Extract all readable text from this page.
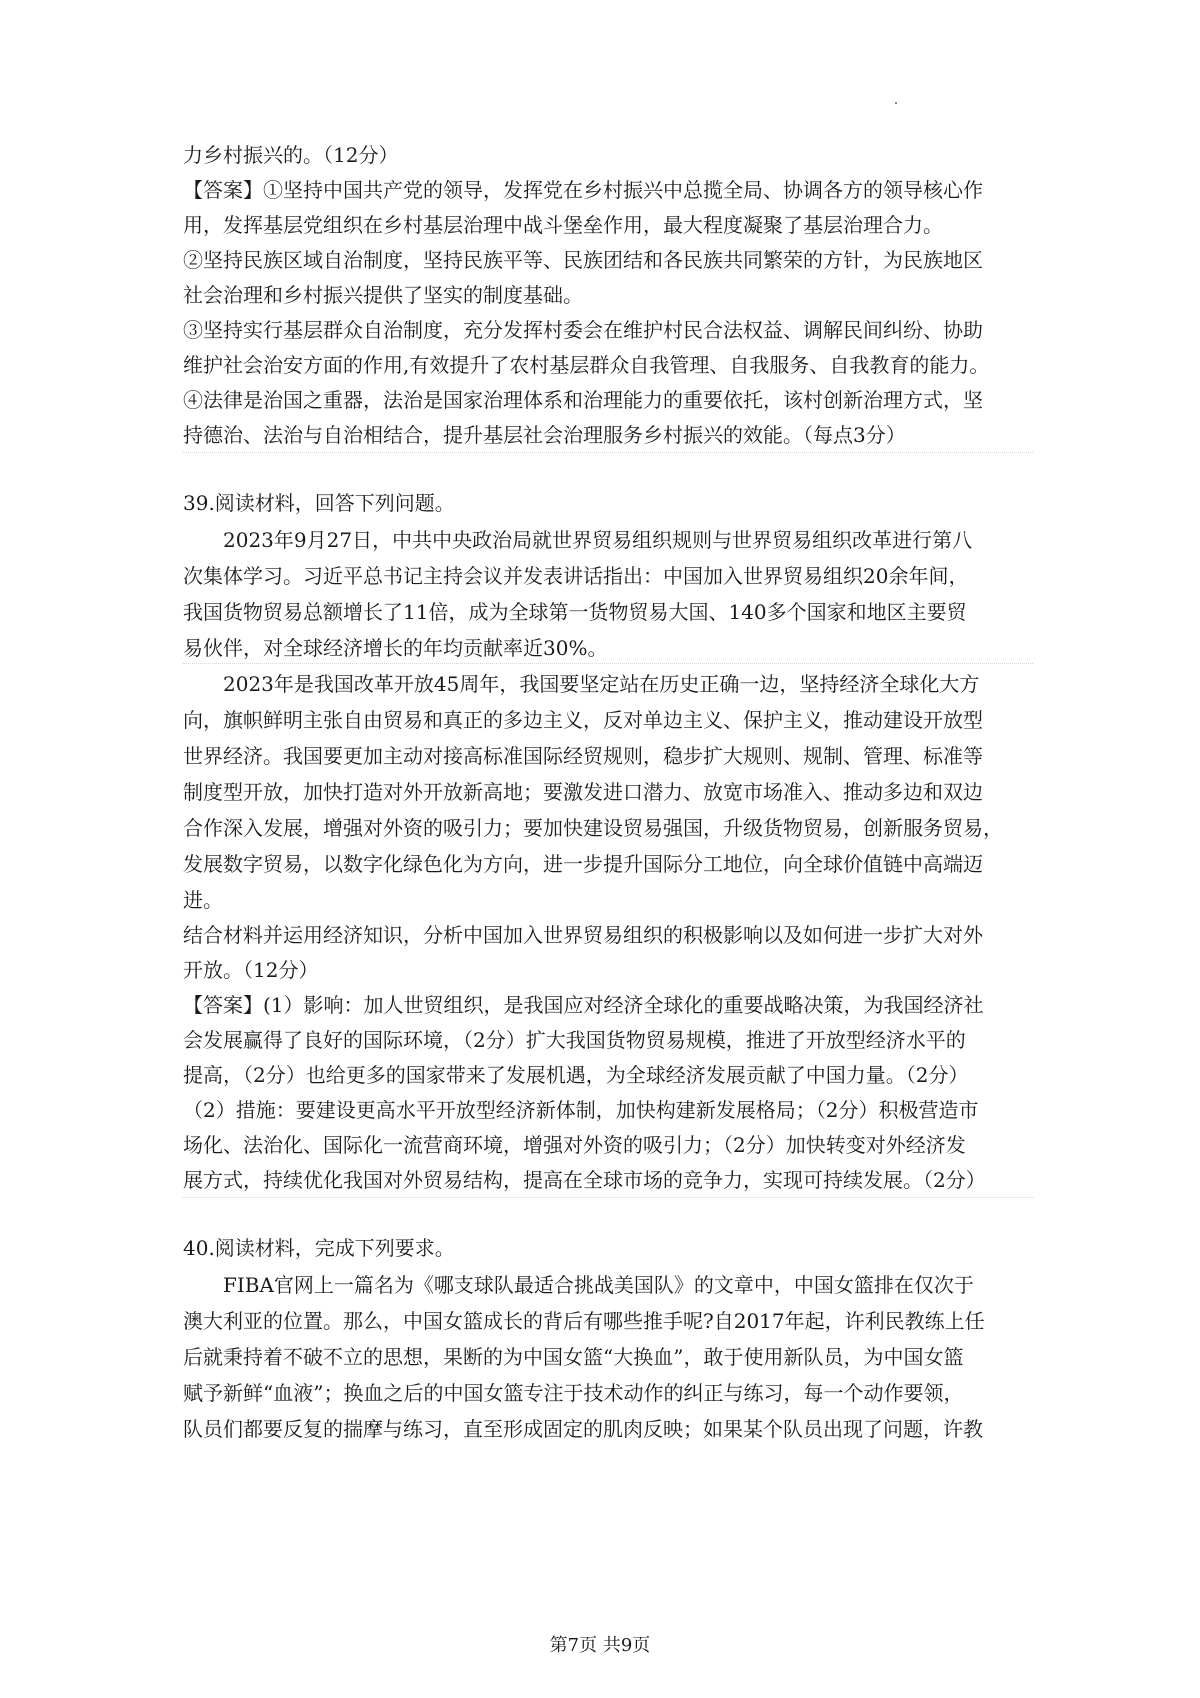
力乡村振兴的。（12分）
【答案】①坚持中国共产党的领导，发挥党在乡村振兴中总揽全局、协调各方的领导核心作
用，发挥基层党组织在乡村基层治理中战斗堡垒作用，最大程度凝聚了基层治理合力。
②坚持民族区域自治制度，坚持民族平等、民族团结和各民族共同繁荣的方针，为民族地区
社会治理和乡村振兴提供了坚实的制度基础。
③坚持实行基层群众自治制度，充分发挥村委会在维护村民合法权益、调解民间纠纷、协助
维护社会治安方面的作用,有效提升了农村基层群众自我管理、自我服务、自我教育的能力。
④法律是治国之重器，法治是国家治理体系和治理能力的重要依托，该村创新治理方式，坚
持德治、法治与自治相结合，提升基层社会治理服务乡村振兴的效能。（每点3分）
39.阅读材料，回答下列问题。
2023年9月27日，中共中央政治局就世界贸易组织规则与世界贸易组织改革进行第八
次集体学习。习近平总书记主持会议并发表讲话指出：中国加入世界贸易组织20余年间，
我国货物贸易总额增长了11倍，成为全球第一货物贸易大国、140多个国家和地区主要贸
易伙伴，对全球经济增长的年均贡献率近30%。
2023年是我国改革开放45周年，我国要坚定站在历史正确一边，坚持经济全球化大方
向，旗帜鲜明主张自由贸易和真正的多边主义，反对单边主义、保护主义，推动建设开放型
世界经济。我国要更加主动对接高标准国际经贸规则，稳步扩大规则、规制、管理、标准等
制度型开放，加快打造对外开放新高地；要激发进口潜力、放宽市场准入、推动多边和双边
合作深入发展，增强对外资的吸引力；要加快建设贸易强国，升级货物贸易，创新服务贸易，
发展数字贸易，以数字化绿色化为方向，进一步提升国际分工地位，向全球价值链中高端迈
进。
结合材料并运用经济知识，分析中国加入世界贸易组织的积极影响以及如何进一步扩大对外
开放。（12分）
【答案】(1）影响：加人世贸组织，是我国应对经济全球化的重要战略决策，为我国经济社
会发展赢得了良好的国际环境，（2分）扩大我国货物贸易规模，推进了开放型经济水平的
提高，（2分）也给更多的国家带来了发展机遇，为全球经济发展贡献了中国力量。（2分）
（2）措施：要建设更高水平开放型经济新体制，加快构建新发展格局；（2分）积极营造市
场化、法治化、国际化一流营商环境，增强对外资的吸引力；（2分）加快转变对外经济发
展方式，持续优化我国对外贸易结构，提高在全球市场的竞争力，实现可持续发展。（2分）
40.阅读材料，完成下列要求。
FIBA官网上一篇名为《哪支球队最适合挑战美国队》的文章中，中国女篮排在仅次于
澳大利亚的位置。那么，中国女篮成长的背后有哪些推手呢?自2017年起，许利民教练上任
后就秉持着不破不立的思想，果断的为中国女篮“大换血”，敢于使用新队员，为中国女篮
赋予新鲜“血液”；换血之后的中国女篮专注于技术动作的纠正与练习，每一个动作要领，
队员们都要反复的揣摩与练习，直至形成固定的肌肉反映；如果某个队员出现了问题，许教
第7页 共9页
